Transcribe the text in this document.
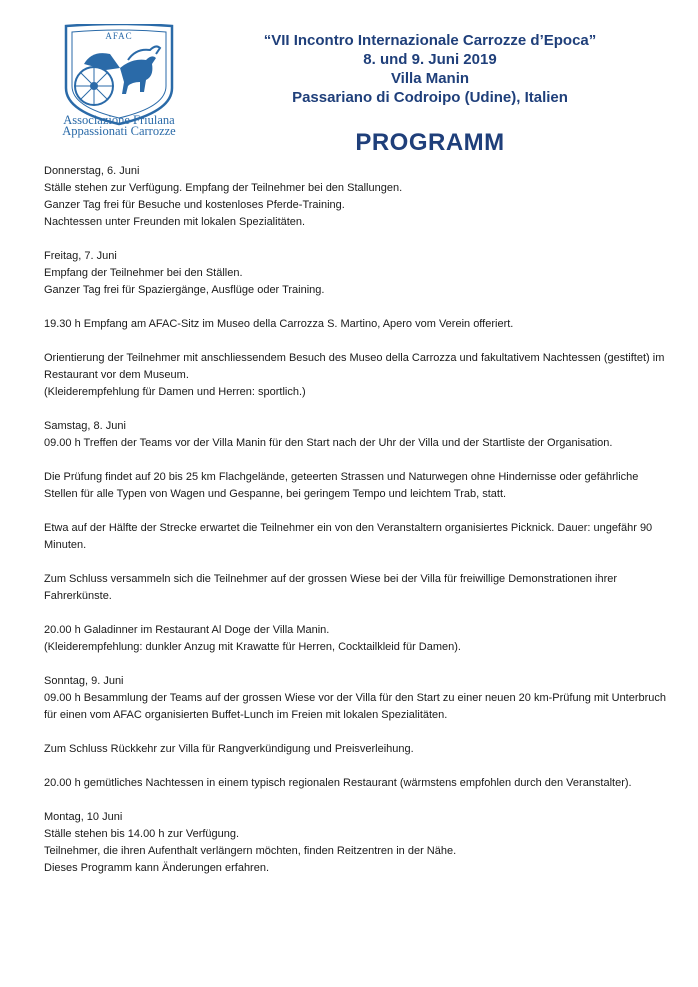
AFAC
Associazione Friulana
Appassionati Carrozze
“VII Incontro Internazionale Carrozze d’Epoca”
8. und 9. Juni 2019
Villa Manin
Passariano di Codroipo (Udine), Italien
PROGRAMM
Donnerstag, 6. Juni
Ställe stehen zur Verfügung. Empfang der Teilnehmer bei den Stallungen.
Ganzer Tag frei für Besuche und kostenloses Pferde-Training.
Nachtessen unter Freunden mit lokalen Spezialitäten.
Freitag, 7. Juni
Empfang der Teilnehmer bei den Ställen.
Ganzer Tag frei für Spaziergänge, Ausflüge oder Training.
19.30 h Empfang am AFAC-Sitz im Museo della Carrozza S. Martino, Apero vom Verein offeriert.
Orientierung der Teilnehmer mit anschliessendem Besuch des Museo della Carrozza und fakultativem Nachtessen (gestiftet) im Restaurant vor dem Museum.
(Kleiderempfehlung für Damen und Herren: sportlich.)
Samstag, 8. Juni
09.00 h Treffen der Teams vor der Villa Manin für den Start nach der Uhr der Villa und der Startliste der Organisation.
Die Prüfung findet auf 20 bis 25 km Flachgelände, geteerten Strassen und Naturwegen ohne Hindernisse oder gefährliche Stellen für alle Typen von Wagen und Gespanne, bei geringem Tempo und leichtem Trab, statt.
Etwa auf der Hälfte der Strecke erwartet die Teilnehmer ein von den Veranstaltern organisiertes Picknick. Dauer: ungefähr 90 Minuten.
Zum Schluss versammeln sich die Teilnehmer auf der grossen Wiese bei der Villa für freiwillige Demonstrationen ihrer Fahrerkünste.
20.00 h Galadinner im Restaurant Al Doge der Villa Manin.
(Kleiderempfehlung: dunkler Anzug mit Krawatte für Herren, Cocktailkleid für Damen).
Sonntag, 9. Juni
09.00 h Besammlung der Teams auf der grossen Wiese vor der Villa für den Start zu einer neuen 20 km-Prüfung mit Unterbruch für einen vom AFAC organisierten Buffet-Lunch im Freien mit lokalen Spezialitäten.
Zum Schluss Rückkehr zur Villa für Rangverkündigung und Preisverleihung.
20.00 h gemütliches Nachtessen in einem typisch regionalen Restaurant (wärmstens empfohlen durch den Veranstalter).
Montag, 10 Juni
Ställe stehen bis 14.00 h zur Verfügung.
Teilnehmer, die ihren Aufenthalt verlängern möchten, finden Reitzentren in der Nähe.
Dieses Programm kann Änderungen erfahren.
